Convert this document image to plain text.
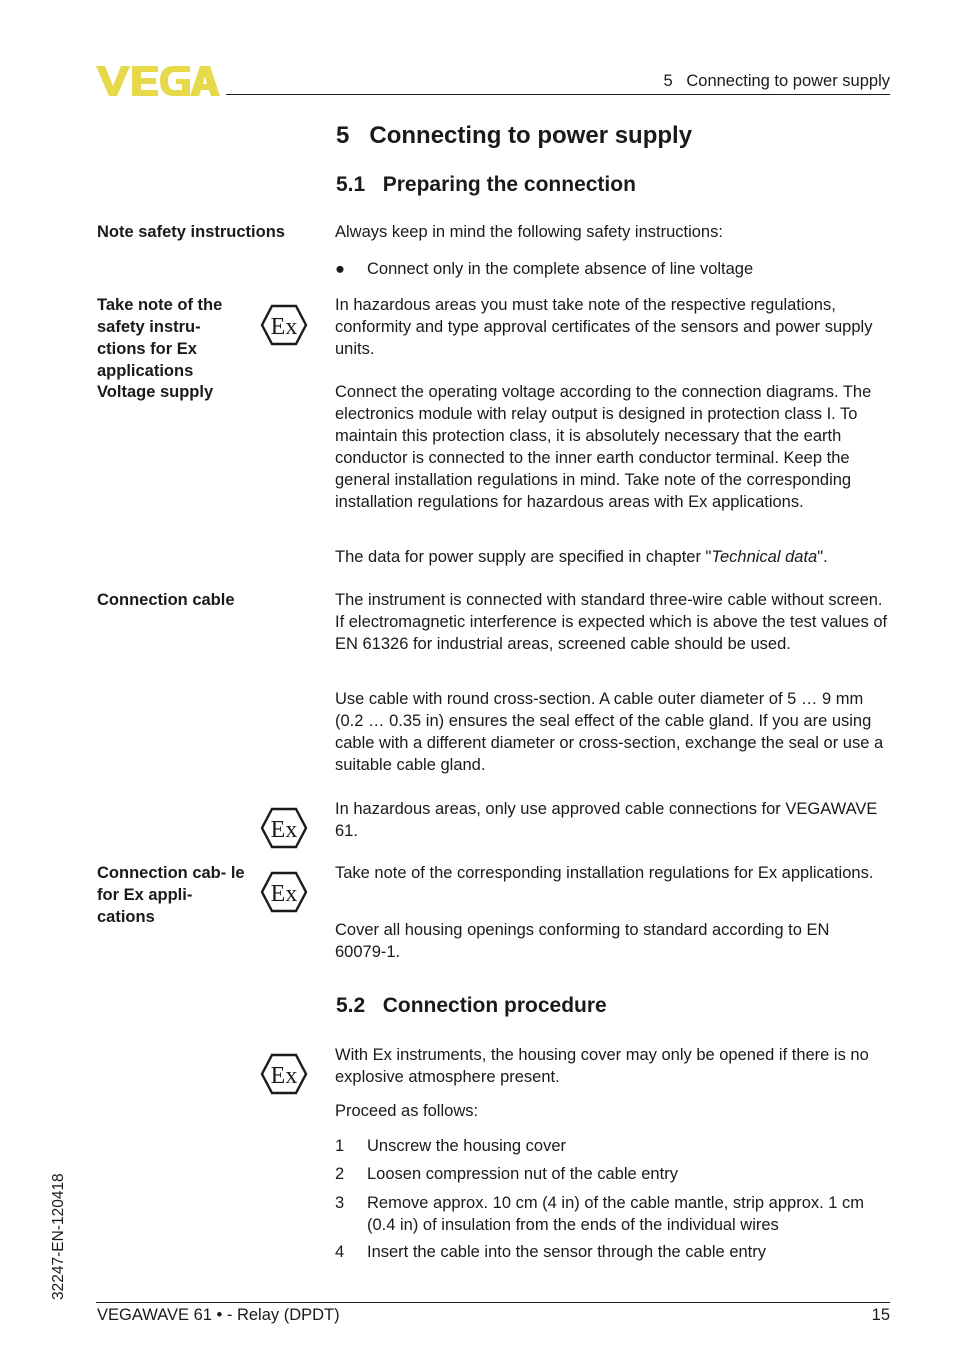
5   Connecting to power supply
5 Connecting to power supply
5.1 Preparing the connection
Note safety instructions
Take note of the safety instru- ctions for Ex applications
Voltage supply
Connection cable
Connection cab- le for Ex appli- cations
Ex
Ex
Ex
Ex
Always keep in mind the following safety instructions:
●	Connect only in the complete absence of line voltage
In hazardous areas you must take note of the respective regulations, conformity and type approval certificates of the sensors and power supply units.
Connect the operating voltage according to the connection diagrams. The electronics module with relay output is designed in protection class I. To maintain this protection class, it is absolutely necessary that the earth conductor is connected to the inner earth conductor terminal. Keep the general installation regulations in mind. Take note of the corresponding installation regulations for hazardous areas with Ex applications.
The data for power supply are specified in chapter "Technical data".
The instrument is connected with standard three-wire cable without screen. If electromagnetic interference is expected which is above the test values of EN 61326 for industrial areas, screened cable should be used.
Use cable with round cross-section. A cable outer diameter of 5 … 9 mm (0.2 … 0.35 in) ensures the seal effect of the cable gland. If you are using cable with a different diameter or cross-section, exchange the seal or use a suitable cable gland.
In hazardous areas, only use approved cable connections for VEGAWAVE 61.
Take note of the corresponding installation regulations for Ex applications.
Cover all housing openings conforming to standard according to EN 60079-1.
5.2 Connection procedure
With Ex instruments, the housing cover may only be opened if there is no explosive atmosphere present.
Proceed as follows:
1 Unscrew the housing cover
2 Loosen compression nut of the cable entry
3 Remove approx. 10 cm (4 in) of the cable mantle, strip approx. 1 cm (0.4 in) of insulation from the ends of the individual wires
4 Insert the cable into the sensor through the cable entry
32247-EN-120418
VEGAWAVE 61 • - Relay (DPDT)	15
